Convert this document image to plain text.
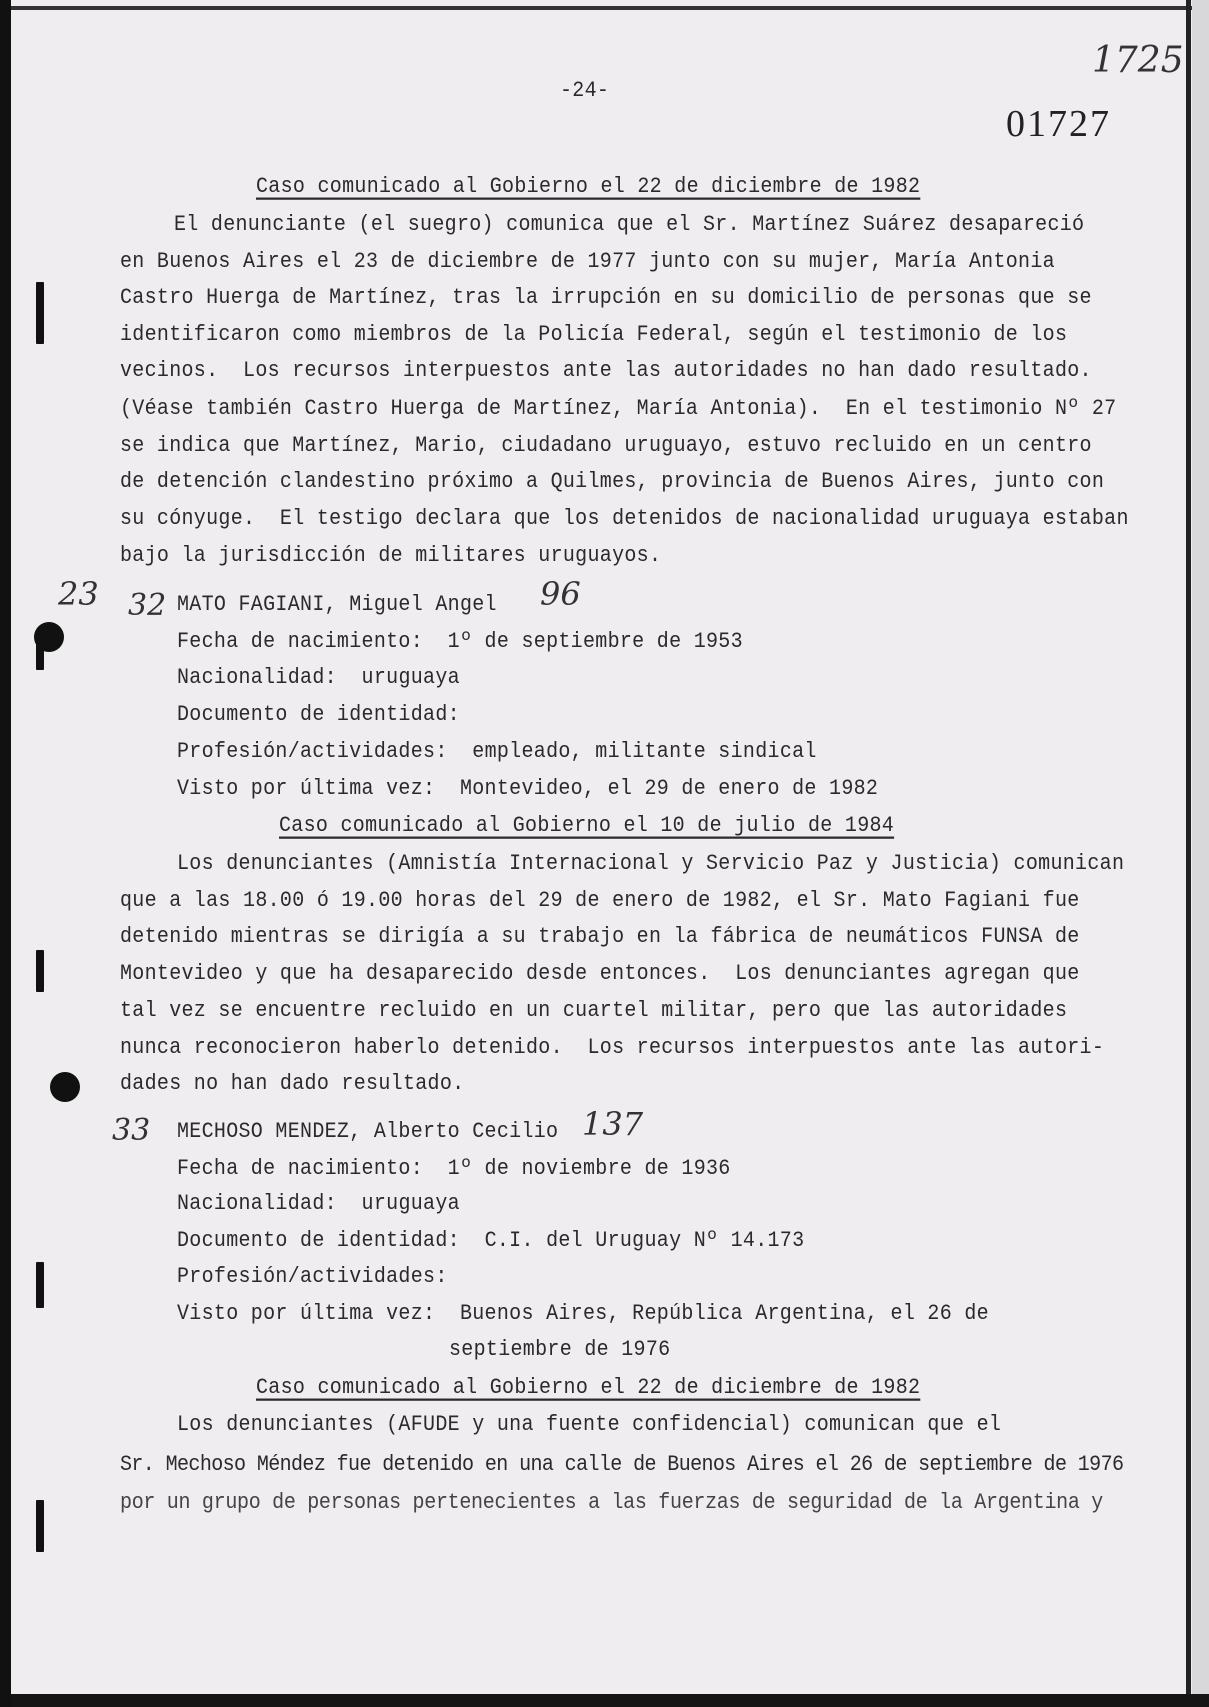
-24-
1725
01727
Caso comunicado al Gobierno el 22 de diciembre de 1982
El denunciante (el suegro) comunica que el Sr. Martínez Suárez desapareció
en Buenos Aires el 23 de diciembre de 1977 junto con su mujer, María Antonia
Castro Huerga de Martínez, tras la irrupción en su domicilio de personas que se
identificaron como miembros de la Policía Federal, según el testimonio de los
vecinos.  Los recursos interpuestos ante las autoridades no han dado resultado.
(Véase también Castro Huerga de Martínez, María Antonia).  En el testimonio Nº 27
se indica que Martínez, Mario, ciudadano uruguayo, estuvo recluido en un centro
de detención clandestino próximo a Quilmes, provincia de Buenos Aires, junto con
su cónyuge.  El testigo declara que los detenidos de nacionalidad uruguaya estaban
bajo la jurisdicción de militares uruguayos.
23 32 MATO FAGIANI, Miguel Angel 96
Fecha de nacimiento: 1º de septiembre de 1953
Nacionalidad: uruguaya
Documento de identidad:
Profesión/actividades: empleado, militante sindical
Visto por última vez: Montevideo, el 29 de enero de 1982
Caso comunicado al Gobierno el 10 de julio de 1984
Los denunciantes (Amnistía Internacional y Servicio Paz y Justicia) comunican
que a las 18.00 ó 19.00 horas del 29 de enero de 1982, el Sr. Mato Fagiani fue
detenido mientras se dirigía a su trabajo en la fábrica de neumáticos FUNSA de
Montevideo y que ha desaparecido desde entonces.  Los denunciantes agregan que
tal vez se encuentre recluido en un cuartel militar, pero que las autoridades
nunca reconocieron haberlo detenido.  Los recursos interpuestos ante las autori-
dades no han dado resultado.
33 MECHOSO MENDEZ, Alberto Cecilio 137
Fecha de nacimiento: 1º de noviembre de 1936
Nacionalidad: uruguaya
Documento de identidad: C.I. del Uruguay Nº 14.173
Profesión/actividades:
Visto por última vez: Buenos Aires, República Argentina, el 26 de
septiembre de 1976
Caso comunicado al Gobierno el 22 de diciembre de 1982
Los denunciantes (AFUDE y una fuente confidencial) comunican que el
Sr. Mechoso Méndez fue detenido en una calle de Buenos Aires el 26 de septiembre de 1976
por un grupo de personas pertenecientes a las fuerzas de seguridad de la Argentina y
